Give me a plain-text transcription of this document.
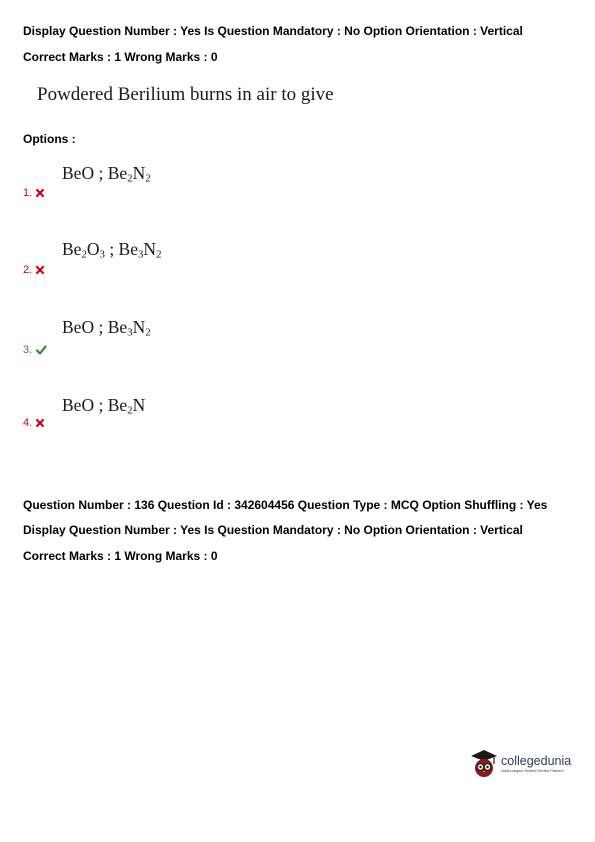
Display Question Number : Yes Is Question Mandatory : No Option Orientation : Vertical
Correct Marks : 1 Wrong Marks : 0
Powdered Berilium burns in air to give
Options :
BeO ; $Be_2N_2$
1.
$Be_2O_3$ ; $Be_3N_2$
2.
BeO ; $Be_3N_2$
3.
BeO ; $Be_2N$
4.
Question Number : 136 Question Id : 342604456 Question Type : MCQ Option Shuffling : Yes
Display Question Number : Yes Is Question Mandatory : No Option Orientation : Vertical
Correct Marks : 1 Wrong Marks : 0
collegedunia
India's largest Student Review Platform
